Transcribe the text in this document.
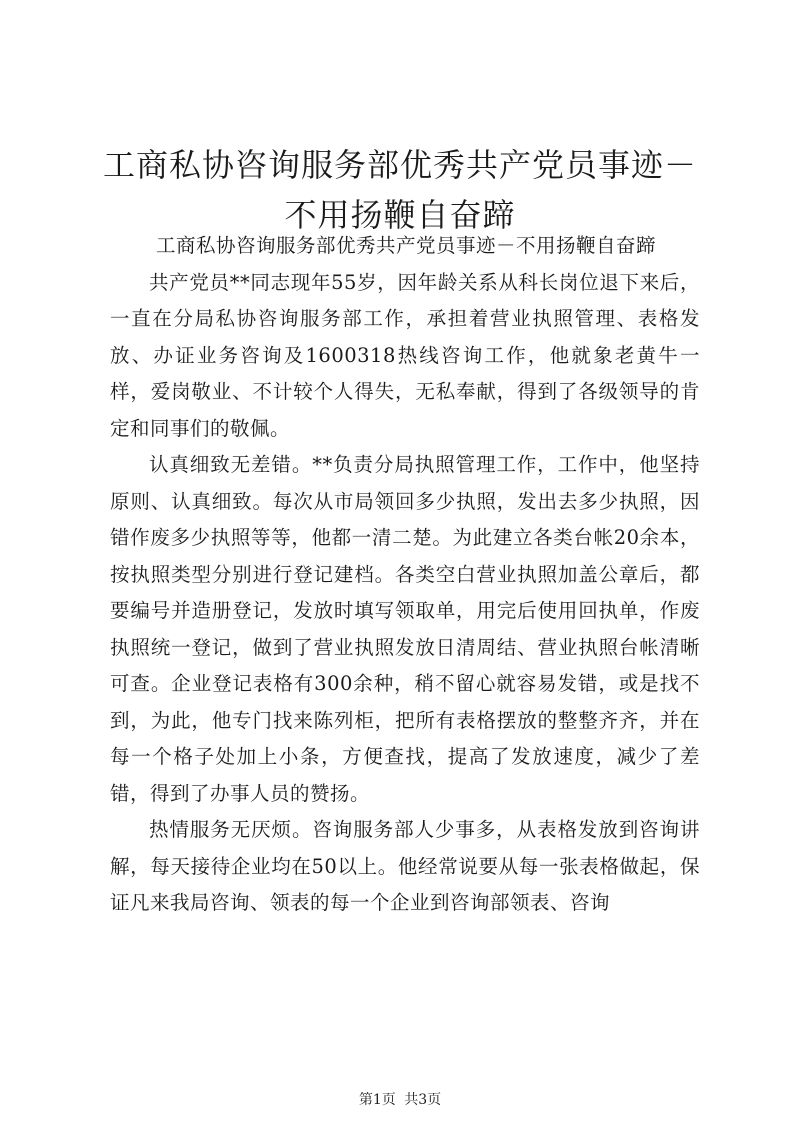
工商私协咨询服务部优秀共产党员事迹－不用扬鞭自奋蹄

工商私协咨询服务部优秀共产党员事迹－不用扬鞭自奋蹄

共产党员**同志现年55岁，因年龄关系从科长岗位退下来后，一直在分局私协咨询服务部工作，承担着营业执照管理、表格发放、办证业务咨询及1600318热线咨询工作，他就象老黄牛一样，爱岗敬业、不计较个人得失，无私奉献，得到了各级领导的肯定和同事们的敬佩。

认真细致无差错。**负责分局执照管理工作，工作中，他坚持原则、认真细致。每次从市局领回多少执照，发出去多少执照，因错作废多少执照等等，他都一清二楚。为此建立各类台帐20余本，按执照类型分别进行登记建档。各类空白营业执照加盖公章后，都要编号并造册登记，发放时填写领取单，用完后使用回执单，作废执照统一登记，做到了营业执照发放日清周结、营业执照台帐清晰可查。企业登记表格有300余种，稍不留心就容易发错，或是找不到，为此，他专门找来陈列柜，把所有表格摆放的整整齐齐，并在每一个格子处加上小条，方便查找，提高了发放速度，减少了差错，得到了办事人员的赞扬。

热情服务无厌烦。咨询服务部人少事多，从表格发放到咨询讲解，每天接待企业均在50以上。他经常说要从每一张表格做起，保证凡来我局咨询、领表的每一个企业到咨询部领表、咨询

第1页 共3页
